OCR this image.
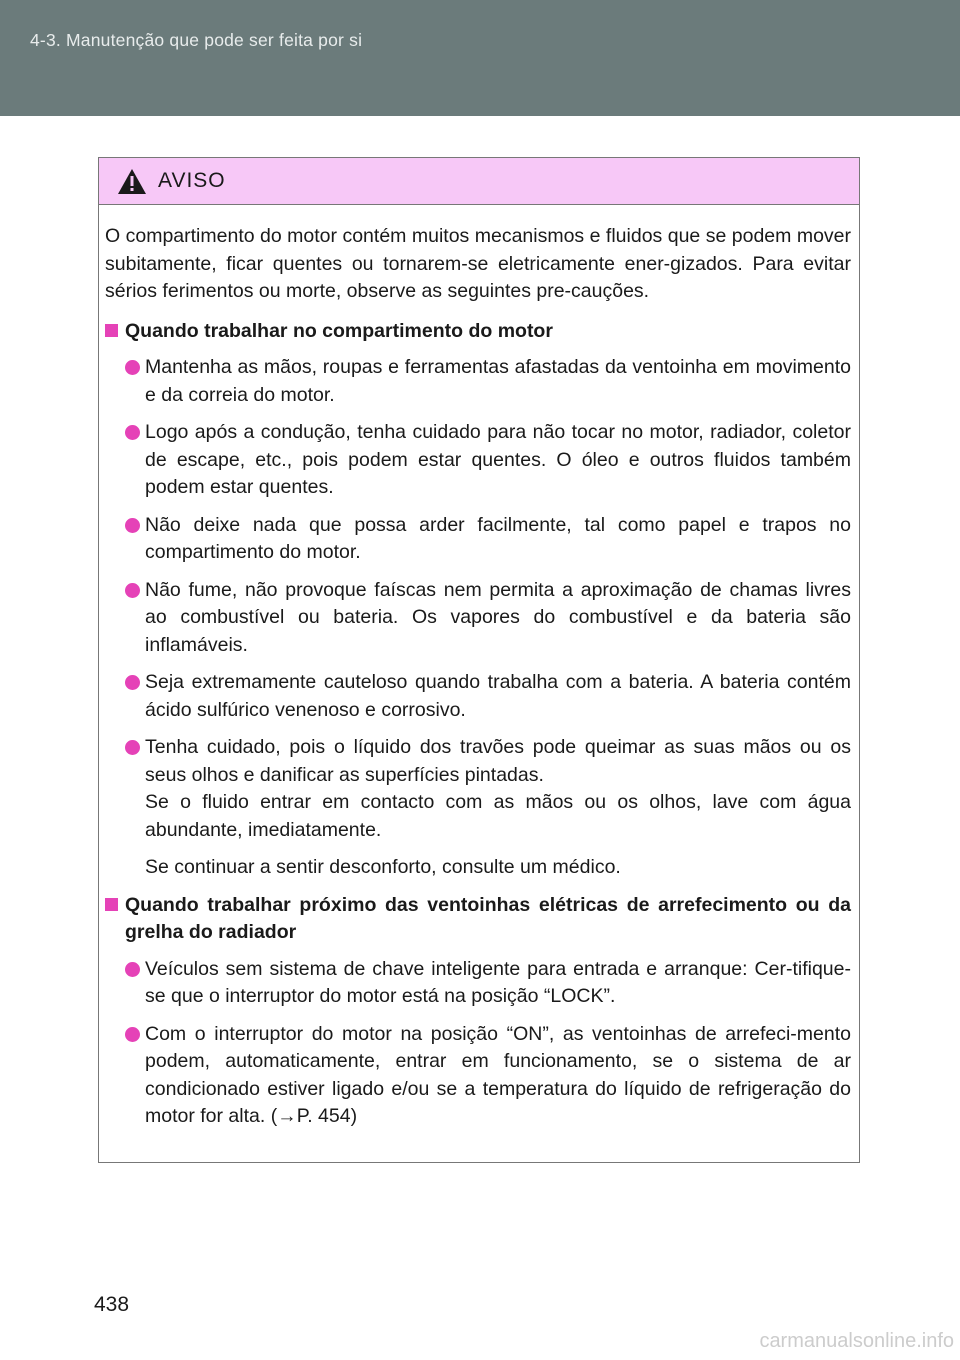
4-3. Manutenção que pode ser feita por si
AVISO

O compartimento do motor contém muitos mecanismos e fluidos que se podem mover subitamente, ficar quentes ou tornarem-se eletricamente ener-gizados. Para evitar sérios ferimentos ou morte, observe as seguintes pre-cauções.

Quando trabalhar no compartimento do motor
Mantenha as mãos, roupas e ferramentas afastadas da ventoinha em movimento e da correia do motor.
Logo após a condução, tenha cuidado para não tocar no motor, radiador, coletor de escape, etc., pois podem estar quentes. O óleo e outros fluidos também podem estar quentes.
Não deixe nada que possa arder facilmente, tal como papel e trapos no compartimento do motor.
Não fume, não provoque faíscas nem permita a aproximação de chamas livres ao combustível ou bateria. Os vapores do combustível e da bateria são inflamáveis.
Seja extremamente cauteloso quando trabalha com a bateria. A bateria contém ácido sulfúrico venenoso e corrosivo.
Tenha cuidado, pois o líquido dos travões pode queimar as suas mãos ou os seus olhos e danificar as superfícies pintadas.
Se o fluido entrar em contacto com as mãos ou os olhos, lave com água abundante, imediatamente.
Se continuar a sentir desconforto, consulte um médico.
Quando trabalhar próximo das ventoinhas elétricas de arrefecimento ou da grelha do radiador
Veículos sem sistema de chave inteligente para entrada e arranque: Cer-tifique-se que o interruptor do motor está na posição “LOCK”.
Com o interruptor do motor na posição “ON”, as ventoinhas de arrefeci-mento podem, automaticamente, entrar em funcionamento, se o sistema de ar condicionado estiver ligado e/ou se a temperatura do líquido de refrigeração do motor for alta. (→P. 454)
438
carmanualsonline.info
